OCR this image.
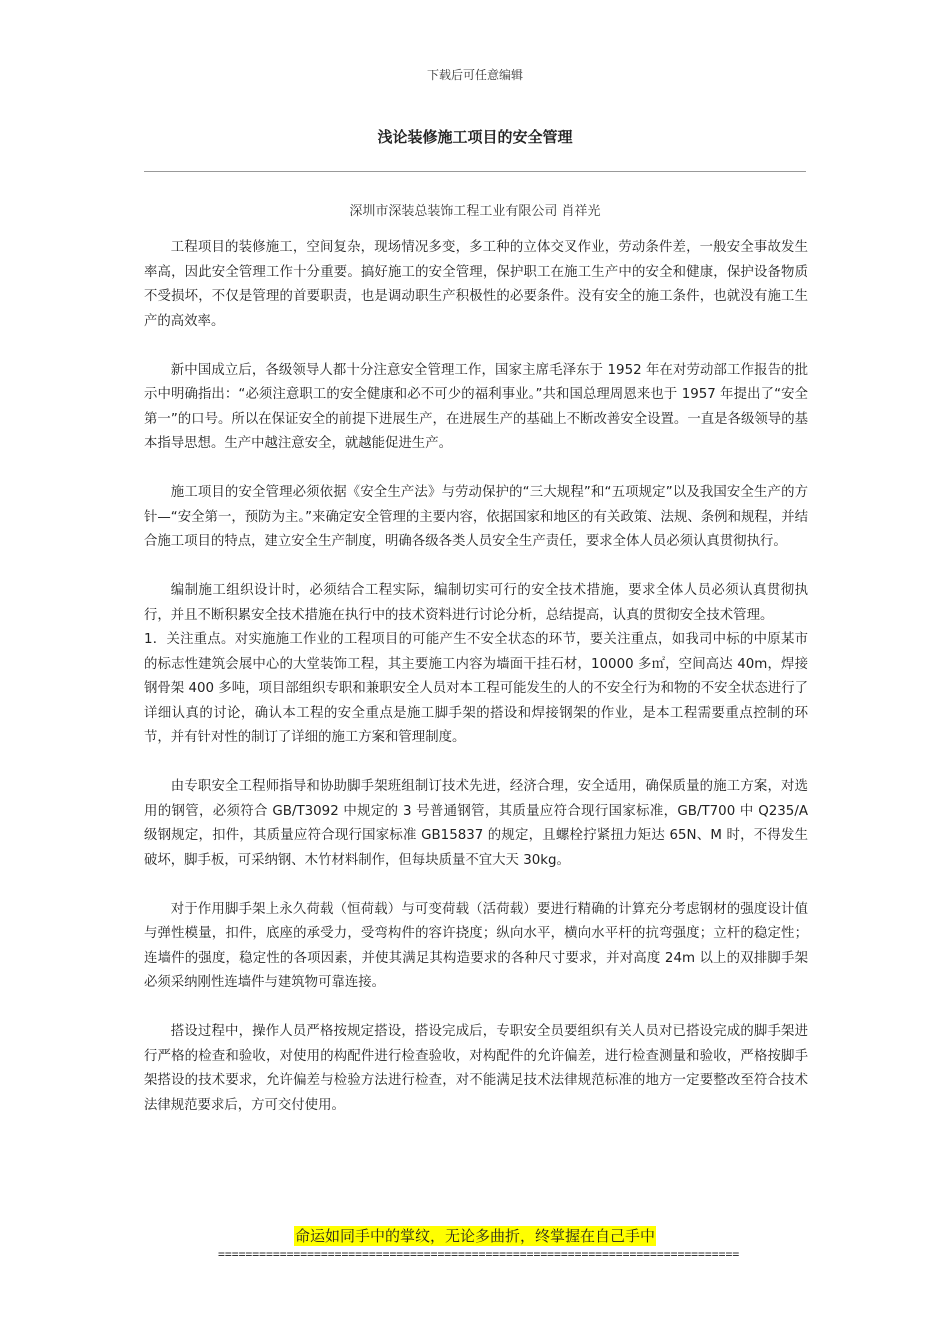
下载后可任意编辑
浅论装修施工项目的安全管理
深圳市深装总装饰工程工业有限公司 肖祥光

工程项目的装修施工，空间复杂，现场情况多变，多工种的立体交叉作业，劳动条件差，一般安全事故发生率高，因此安全管理工作十分重要。搞好施工的安全管理，保护职工在施工生产中的安全和健康，保护设备物质不受损坏，不仅是管理的首要职责，也是调动职生产积极性的必要条件。没有安全的施工条件，也就没有施工生产的高效率。

新中国成立后，各级领导人都十分注意安全管理工作，国家主席毛泽东于 1952 年在对劳动部工作报告的批示中明确指出：“必须注意职工的安全健康和必不可少的福利事业。”共和国总理周恩来也于 1957 年提出了“安全第一”的口号。所以在保证安全的前提下进展生产，在进展生产的基础上不断改善安全设置。一直是各级领导的基本指导思想。生产中越注意安全，就越能促进生产。

施工项目的安全管理必须依据《安全生产法》与劳动保护的“三大规程”和“五项规定”以及我国安全生产的方针—“安全第一，预防为主。”来确定安全管理的主要内容，依据国家和地区的有关政策、法规、条例和规程，并结合施工项目的特点，建立安全生产制度，明确各级各类人员安全生产责任，要求全体人员必须认真贯彻执行。

编制施工组织设计时，必须结合工程实际，编制切实可行的安全技术措施，要求全体人员必须认真贯彻执行，并且不断积累安全技术措施在执行中的技术资料进行讨论分析，总结提高，认真的贯彻安全技术管理。

1．关注重点。对实施施工作业的工程项目的可能产生不安全状态的环节，要关注重点，如我司中标的中原某市的标志性建筑会展中心的大堂装饰工程，其主要施工内容为墙面干挂石材，10000 多㎡，空间高达 40m，焊接钢骨架 400 多吨，项目部组织专职和兼职安全人员对本工程可能发生的人的不安全行为和物的不安全状态进行了详细认真的讨论，确认本工程的安全重点是施工脚手架的搭设和焊接钢架的作业，是本工程需要重点控制的环节，并有针对性的制订了详细的施工方案和管理制度。

由专职安全工程师指导和协助脚手架班组制订技术先进，经济合理，安全适用，确保质量的施工方案，对选用的钢管，必须符合 GB/T3092 中规定的 3 号普通钢管，其质量应符合现行国家标准，GB/T700 中 Q235/A 级钢规定，扣件，其质量应符合现行国家标准 GB15837 的规定，且螺栓拧紧扭力矩达 65N、M 时，不得发生破坏，脚手板，可采纳钢、木竹材料制作，但每块质量不宜大天 30kg。

对于作用脚手架上永久荷载（恒荷载）与可变荷载（活荷载）要进行精确的计算充分考虑钢材的强度设计值与弹性模量，扣件，底座的承受力，受弯构件的容许挠度；纵向水平，横向水平杆的抗弯强度；立杆的稳定性；连墙件的强度，稳定性的各项因素，并使其满足其构造要求的各种尺寸要求，并对高度 24m 以上的双排脚手架必须采纳刚性连墙件与建筑物可靠连接。

搭设过程中，操作人员严格按规定搭设，搭设完成后，专职安全员要组织有关人员对已搭设完成的脚手架进行严格的检查和验收，对使用的构配件进行检查验收，对构配件的允许偏差，进行检查测量和验收，严格按脚手架搭设的技术要求，允许偏差与检验方法进行检查，对不能满足技术法律规范标准的地方一定要整改至符合技术法律规范要求后，方可交付使用。

命运如同手中的掌纹，无论多曲折，终掌握在自己手中
============================================================================
